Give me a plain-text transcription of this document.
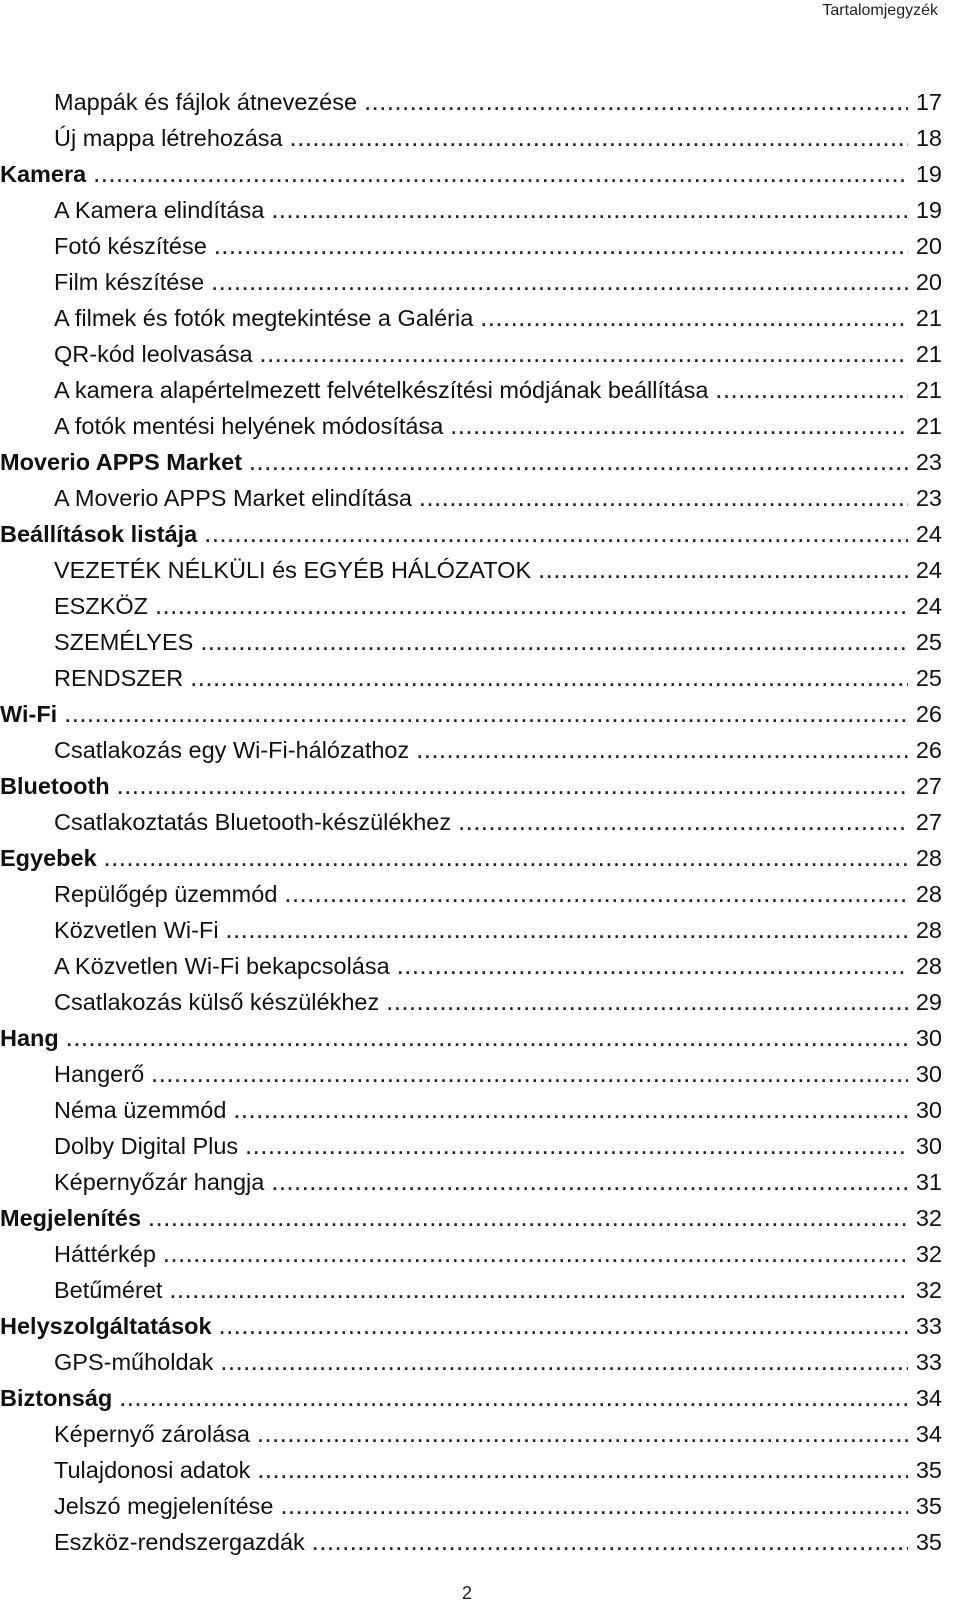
Tartalomjegyzék
Mappák és fájlok átnevezése . . .	17
Új mappa létrehozása . . .	18
Kamera . . .	19
A Kamera elindítása . . .	19
Fotó készítése . . .	20
Film készítése . . .	20
A filmek és fotók megtekintése a Galéria . . .	21
QR-kód leolvasása . . .	21
A kamera alapértelmezett felvételkészítési módjának beállítása . . .	21
A fotók mentési helyének módosítása . . .	21
Moverio APPS Market . . .	23
A Moverio APPS Market elindítása . . .	23
Beállítások listája . . .	24
VEZETÉK NÉLKÜLI és EGYÉB HÁLÓZATOK . . .	24
ESZKÖZ . . .	24
SZEMÉLYES . . .	25
RENDSZER . . .	25
Wi-Fi . . .	26
Csatlakozás egy Wi-Fi-hálózathoz . . .	26
Bluetooth . . .	27
Csatlakoztatás Bluetooth-készülékhez . . .	27
Egyebek . . .	28
Repülőgép üzemmód . . .	28
Közvetlen Wi-Fi . . .	28
A Közvetlen Wi-Fi bekapcsolása . . .	28
Csatlakozás külső készülékhez . . .	29
Hang . . .	30
Hangerő . . .	30
Néma üzemmód . . .	30
Dolby Digital Plus . . .	30
Képernyőzár hangja . . .	31
Megjelenítés . . .	32
Háttérkép . . .	32
Betűméret . . .	32
Helyszolgáltatások . . .	33
GPS-műholdak . . .	33
Biztonság . . .	34
Képernyő zárolása . . .	34
Tulajdonosi adatok . . .	35
Jelszó megjelenítése . . .	35
Eszköz-rendszergazdák . . .	35
2
